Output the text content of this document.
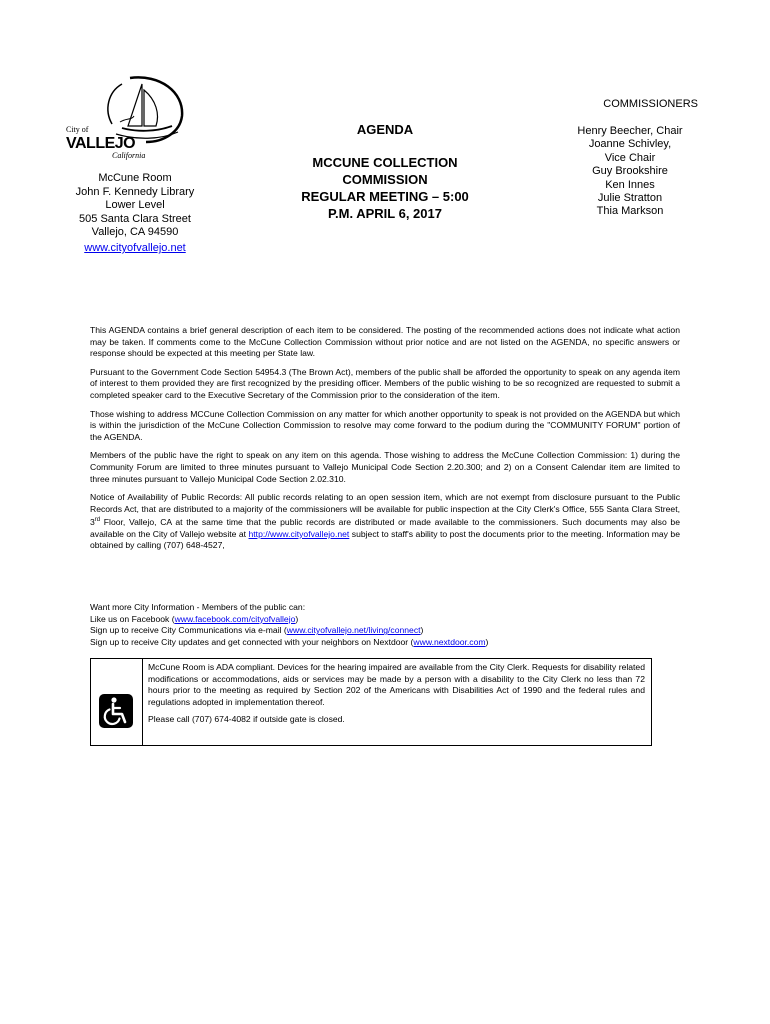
City of
VALLEJO
California
McCune Room
John F. Kennedy Library
Lower Level
505 Santa Clara Street
Vallejo, CA 94590
www.cityofvallejo.net
AGENDA
MCCUNE COLLECTION
COMMISSION
REGULAR MEETING – 5:00
P.M. APRIL 6, 2017
COMMISSIONERS
Henry Beecher, Chair
Joanne Schivley,
Vice Chair
Guy Brookshire
Ken Innes
Julie Stratton
Thia Markson

This AGENDA contains a brief general description of each item to be considered. The posting of the recommended actions does not indicate what action may be taken. If comments come to the McCune Collection Commission without prior notice and are not listed on the AGENDA, no specific answers or response should be expected at this meeting per State law.

Pursuant to the Government Code Section 54954.3 (The Brown Act), members of the public shall be afforded the opportunity to speak on any agenda item of interest to them provided they are first recognized by the presiding officer. Members of the public wishing to be so recognized are requested to submit a completed speaker card to the Executive Secretary of the Commission prior to the consideration of the item.

Those wishing to address MCCune Collection Commission on any matter for which another opportunity to speak is not provided on the AGENDA but which is within the jurisdiction of the McCune Collection Commission to resolve may come forward to the podium during the "COMMUNITY FORUM" portion of the AGENDA.

Members of the public have the right to speak on any item on this agenda. Those wishing to address the McCune Collection Commission: 1) during the Community Forum are limited to three minutes pursuant to Vallejo Municipal Code Section 2.20.300; and 2) on a Consent Calendar item are limited to three minutes pursuant to Vallejo Municipal Code Section 2.02.310.

Notice of Availability of Public Records: All public records relating to an open session item, which are not exempt from disclosure pursuant to the Public Records Act, that are distributed to a majority of the commissioners will be available for public inspection at the City Clerk's Office, 555 Santa Clara Street, 3rd Floor, Vallejo, CA at the same time that the public records are distributed or made available to the commissioners. Such documents may also be available on the City of Vallejo website at http://www.cityofvallejo.net subject to staff's ability to post the documents prior to the meeting. Information may be obtained by calling (707) 648-4527,

Want more City Information - Members of the public can:
Like us on Facebook (www.facebook.com/cityofvallejo)
Sign up to receive City Communications via e-mail (www.cityofvallejo.net/living/connect)
Sign up to receive City updates and get connected with your neighbors on Nextdoor (www.nextdoor.com)

McCune Room is ADA compliant. Devices for the hearing impaired are available from the City Clerk. Requests for disability related modifications or accommodations, aids or services may be made by a person with a disability to the City Clerk no less than 72 hours prior to the meeting as required by Section 202 of the Americans with Disabilities Act of 1990 and the federal rules and regulations adopted in implementation thereof.

Please call (707) 674-4082 if outside gate is closed.
